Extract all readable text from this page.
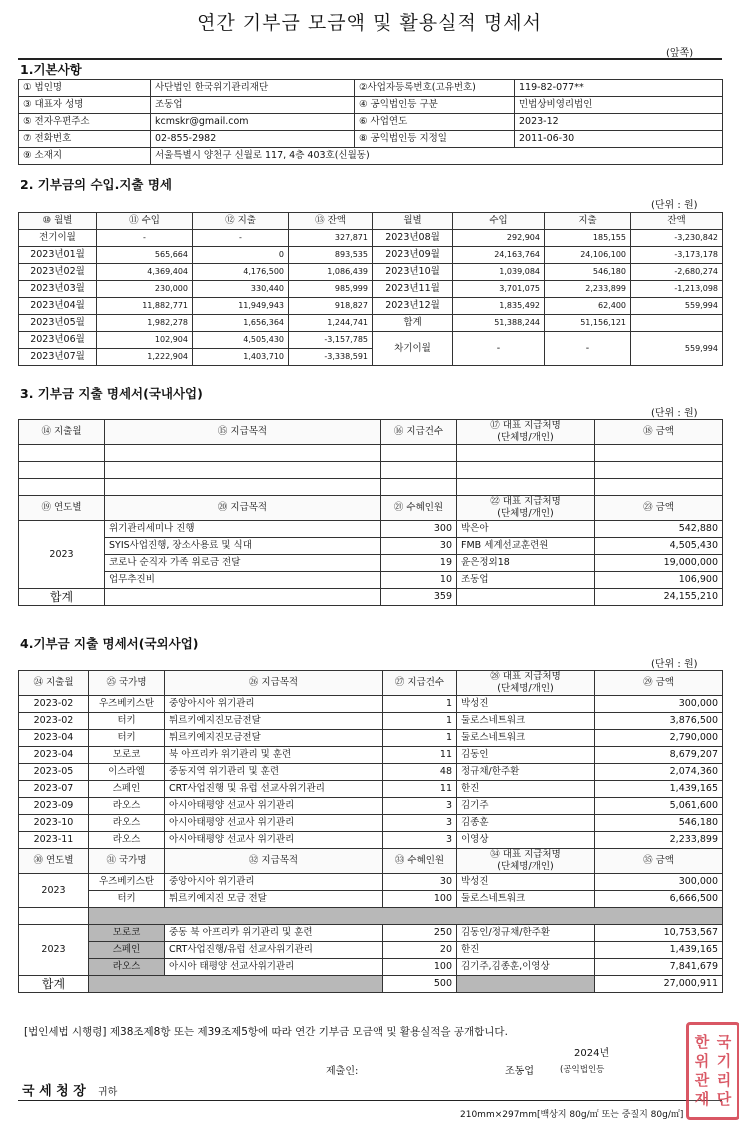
연간 기부금 모금액 및 활용실적 명세서
(앞쪽)
1.기본사항
① 법인명	사단법인 한국위기관리재단	②사업자등록번호(고유번호)	119-82-077**
③ 대표자 성명	조동업	④ 공익법인등 구분	민법상비영리법인
⑤ 전자우편주소	kcmskr@gmail.com	⑥ 사업연도	2023-12
⑦ 전화번호	02-855-2982	⑧ 공익법인등 지정일	2011-06-30
⑨ 소재지	서울특별시 양천구 신월로 117, 4층 403호(신월동)		
2. 기부금의 수입.지출 명세
(단위 : 원)
⑩ 월별	⑪ 수입	⑫ 지출	⑬ 잔액	월별	수입	지출	잔액
전기이월	-	-	327,871	2023년08월	292,904	185,155	-3,230,842
2023년01월	565,664	0	893,535	2023년09월	24,163,764	24,106,100	-3,173,178
2023년02월	4,369,404	4,176,500	1,086,439	2023년10월	1,039,084	546,180	-2,680,274
2023년03월	230,000	330,440	985,999	2023년11월	3,701,075	2,233,899	-1,213,098
2023년04월	11,882,771	11,949,943	918,827	2023년12월	1,835,492	62,400	559,994
2023년05월	1,982,278	1,656,364	1,244,741	합계	51,388,244	51,156,121	
2023년06월	102,904	4,505,430	-3,157,785	차기이월	-	-	559,994
2023년07월	1,222,904	1,403,710	-3,338,591				
3. 기부금 지출 명세서(국내사업)
(단위 : 원)
⑭ 지출월	⑮ 지급목적	⑯ 지급건수	⑰ 대표 지급처명
(단체명/개인)	⑱ 금액

⑲ 연도별	⑳ 지급목적	㉑ 수혜인원	㉒ 대표 지급처명
(단체명/개인)	㉓ 금액
2023	위기관리세미나 진행	300	박은아	542,880
	SYIS사업진행, 장소사용료 및 식대	30	FMB 세계선교훈련원	4,505,430
	코로나 순직자 가족 위로금 전달	19	윤은정외18	19,000,000
	업무추진비	10	조동업	106,900
합계		359		24,155,210
4.기부금 지출 명세서(국외사업)
(단위 : 원)
㉔ 지출월	㉕ 국가명	㉖ 지급목적	㉗ 지급건수	㉘ 대표 지급처명
(단체명/개인)	㉙ 금액
2023-02	우즈베키스탄	중앙아시아 위기관리	1	박성진	300,000
2023-02	터키	튀르키예지진모금전달	1	둘로스네트워크	3,876,500
2023-04	터키	튀르키예지진모금전달	1	둘로스네트워크	2,790,000
2023-04	모로코	북 아프리카 위기관리 및 훈련	11	김동인	8,679,207
2023-05	이스라엘	중동지역 위기관리 및 훈련	48	정규채/한주환	2,074,360
2023-07	스페인	CRT사업진행 및 유럽 선교사위기관리	11	한진	1,439,165
2023-09	라오스	아시아태평양 선교사 위기관리	3	김기주	5,061,600
2023-10	라오스	아시아태평양 선교사 위기관리	3	김종훈	546,180
2023-11	라오스	아시아태평양 선교사 위기관리	3	이영상	2,233,899
㉚ 연도별	㉛ 국가명	㉜ 지급목적	㉝ 수혜인원	㉞ 대표 지급처명
(단체명/개인)	㉟ 금액
2023	우즈베키스탄	중앙아시아 위기관리	30	박성진	300,000
	터키	튀르키예지진 모금 전달	100	둘로스네트워크	6,666,500

2023	모로코	중동 북 아프리카 위기관리 및 훈련	250	김동인/정규채/한주환	10,753,567
	스페인	CRT사업진행/유럽 선교사위기관리	20	한진	1,439,165
	라오스	아시아 태평양 선교사위기관리	100	김기주,김종훈,이영상	7,841,679
합계			500		27,000,911
[법인세법 시행령] 제38조제8항 또는 제39조제5항에 따라 연간 기부금 모금액 및 활용실적을 공개합니다.
2024년
제출인:	조동업	(공익법인등
국 세 청 장 귀하
210mm×297mm[백상지 80g/㎡ 또는 중질지 80g/㎡]
한 국
위 기
관 리
재 단
